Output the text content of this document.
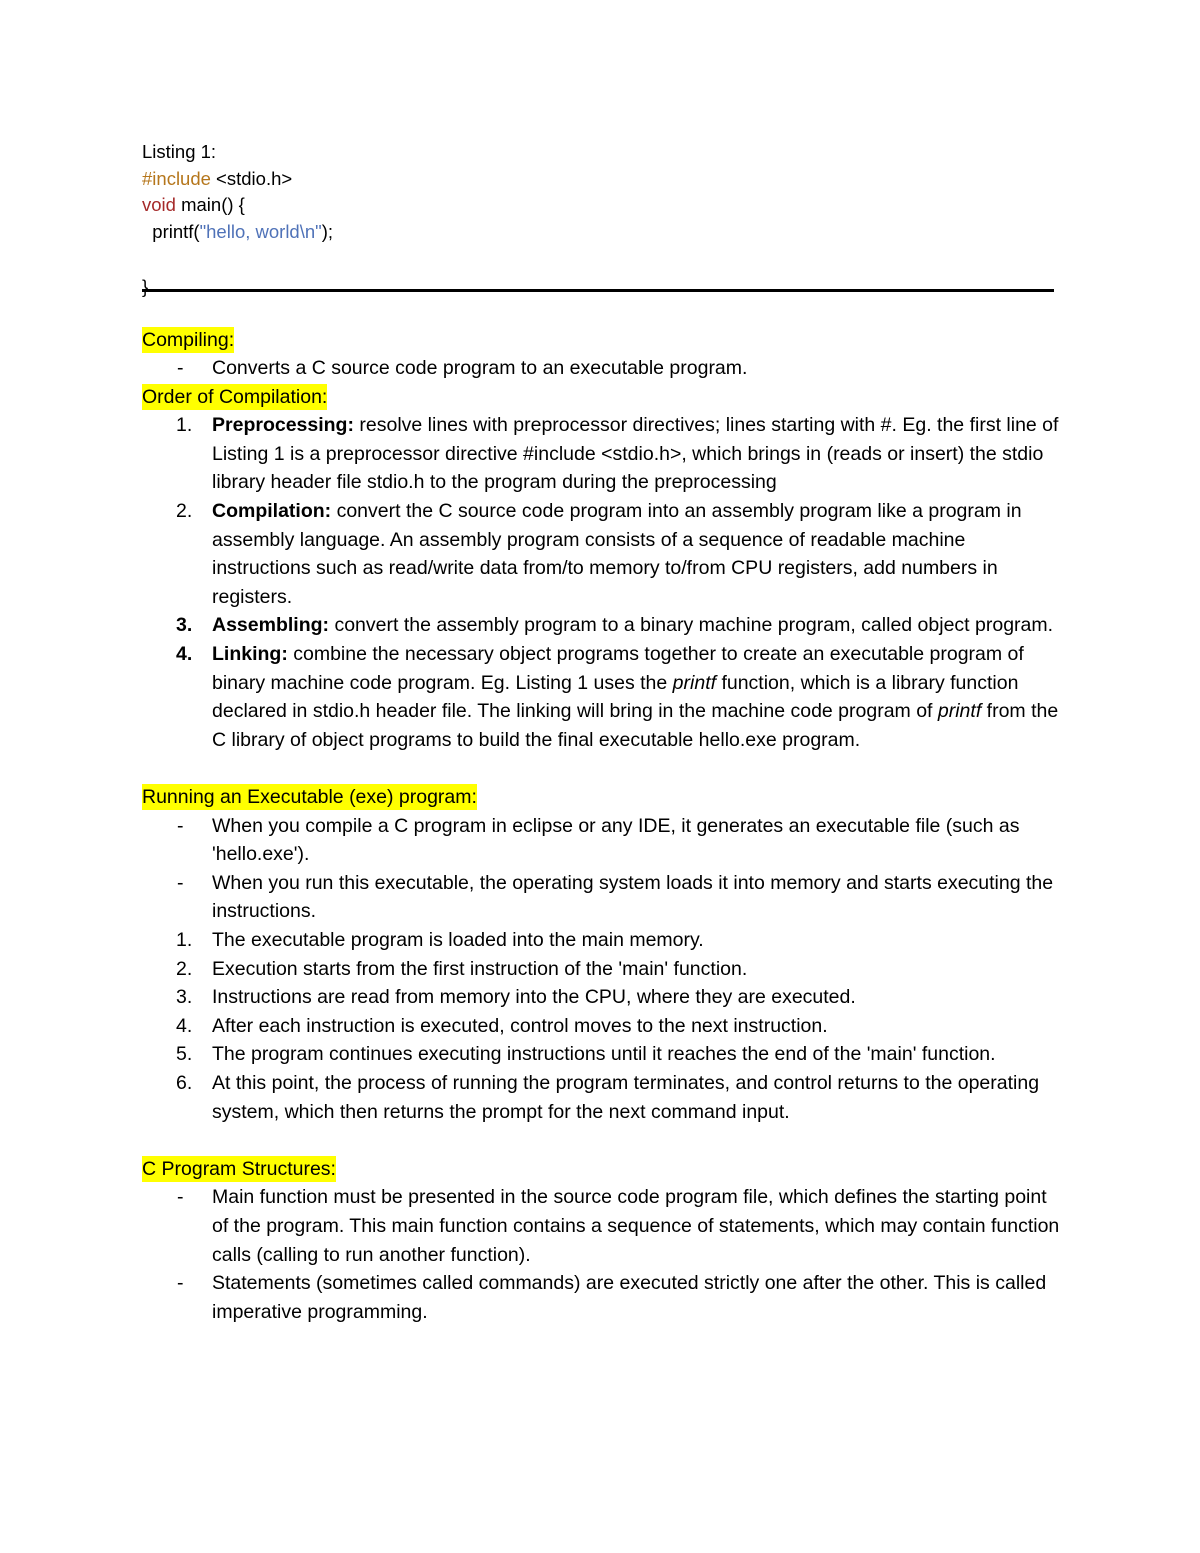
Listing 1:
#include <stdio.h>
void main() {
printf("hello, world\n");

}
Compiling:
-	Converts a C source code program to an executable program.
Order of Compilation:
1.	Preprocessing: resolve lines with preprocessor directives; lines starting with #. Eg. the first line of Listing 1 is a preprocessor directive #include <stdio.h>, which brings in (reads or insert) the stdio library header file stdio.h to the program during the preprocessing
2.	Compilation: convert the C source code program into an assembly program like a program in assembly language. An assembly program consists of a sequence of readable machine instructions such as read/write data from/to memory to/from CPU registers, add numbers in registers.
3.	Assembling: convert the assembly program to a binary machine program, called object program.
4.	Linking: combine the necessary object programs together to create an executable program of binary machine code program. Eg. Listing 1 uses the printf function, which is a library function declared in stdio.h header file. The linking will bring in the machine code program of printf from the C library of object programs to build the final executable hello.exe program.
Running an Executable (exe) program:
-	When you compile a C program in eclipse or any IDE, it generates an executable file (such as 'hello.exe').
-	When you run this executable, the operating system loads it into memory and starts executing the instructions.
1.	The executable program is loaded into the main memory.
2.	Execution starts from the first instruction of the 'main' function.
3.	Instructions are read from memory into the CPU, where they are executed.
4.	After each instruction is executed, control moves to the next instruction.
5.	The program continues executing instructions until it reaches the end of the 'main' function.
6.	At this point, the process of running the program terminates, and control returns to the operating system, which then returns the prompt for the next command input.
C Program Structures:
-	Main function must be presented in the source code program file, which defines the starting point of the program. This main function contains a sequence of statements, which may contain function calls (calling to run another function).
-	Statements (sometimes called commands) are executed strictly one after the other. This is called imperative programming.
